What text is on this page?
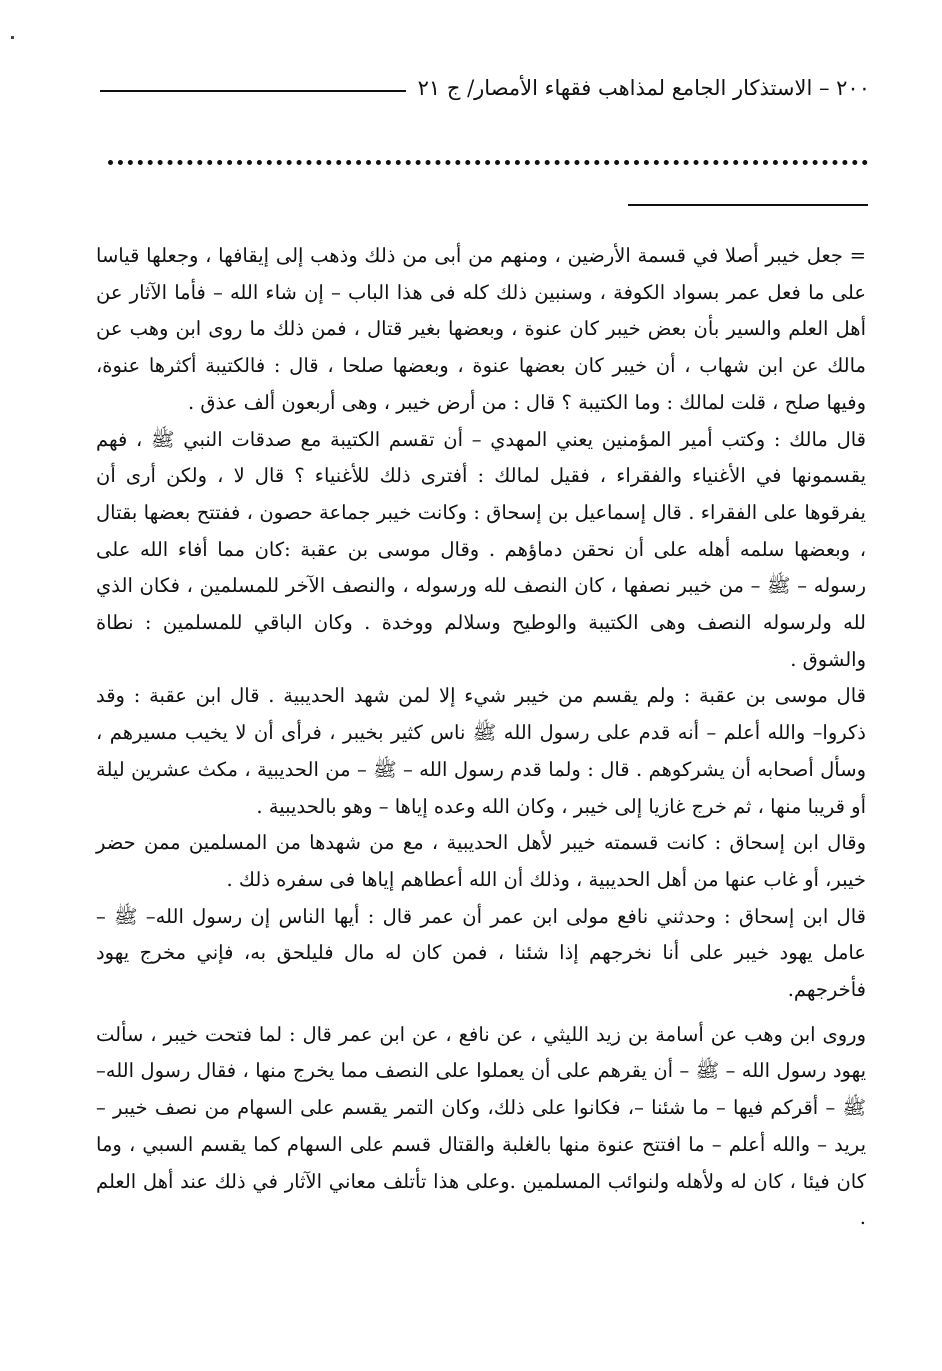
٢٠٠ – الاستذكار الجامع لمذاهب فقهاء الأمصار/ ج ٢١

= جعل خيبر أصلا في قسمة الأرضين ، ومنهم من أبى من ذلك وذهب إلى إيقافها ، وجعلها قياسا على ما فعل عمر بسواد الكوفة ، وسنبين ذلك كله فى هذا الباب – إن شاء الله – فأما الآثار عن أهل العلم والسير بأن بعض خيبر كان عنوة ، وبعضها بغير قتال ، فمن ذلك ما روى ابن وهب عن مالك عن ابن شهاب ، أن خيبر كان بعضها عنوة ، وبعضها صلحا ، قال : فالكتيبة أكثرها عنوة، وفيها صلح ، قلت لمالك : وما الكتيبة ؟ قال : من أرض خيبر ، وهى أربعون ألف عذق .

قال مالك : وكتب أمير المؤمنين يعني المهدي – أن تقسم الكتيبة مع صدقات النبي ﷺ ، فهم يقسمونها في الأغنياء والفقراء ، فقيل لمالك : أفترى ذلك للأغنياء ؟ قال لا ، ولكن أرى أن يفرقوها على الفقراء . قال إسماعيل بن إسحاق : وكانت خيبر جماعة حصون ، ففتتح بعضها بقتال ، وبعضها سلمه أهله على أن نحقن دماؤهم . وقال موسى بن عقبة :كان مما أفاء الله على رسوله – ﷺ – من خيبر نصفها ، كان النصف لله ورسوله ، والنصف الآخر للمسلمين ، فكان الذي لله ولرسوله النصف وهى الكتيبة والوطيح وسلالم ووخدة . وكان الباقي للمسلمين : نطاة والشوق .

قال موسى بن عقبة : ولم يقسم من خيبر شيء إلا لمن شهد الحديبية . قال ابن عقبة : وقد ذكروا– والله أعلم – أنه قدم على رسول الله ﷺ ناس كثير بخيبر ، فرأى أن لا يخيب مسيرهم ، وسأل أصحابه أن يشركوهم . قال : ولما قدم رسول الله – ﷺ – من الحديبية ، مكث عشرين ليلة أو قريبا منها ، ثم خرج غازيا إلى خيبر ، وكان الله وعده إياها – وهو بالحديبية .

وقال ابن إسحاق : كانت قسمته خيبر لأهل الحديبية ، مع من شهدها من المسلمين ممن حضر خيبر، أو غاب عنها من أهل الحديبية ، وذلك أن الله أعطاهم إياها فى سفره ذلك .

قال ابن إسحاق : وحدثني نافع مولى ابن عمر أن عمر قال : أيها الناس إن رسول الله– ﷺ – عامل يهود خيبر على أنا نخرجهم إذا شئنا ، فمن كان له مال فليلحق به، فإني مخرج يهود فأخرجهم.

وروى ابن وهب عن أسامة بن زيد الليثي ، عن نافع ، عن ابن عمر قال : لما فتحت خيبر ، سألت يهود رسول الله – ﷺ – أن يقرهم على أن يعملوا على النصف مما يخرج منها ، فقال رسول الله– ﷺ – أقركم فيها – ما شئنا –، فكانوا على ذلك، وكان التمر يقسم على السهام من نصف خيبر – يريد – والله أعلم – ما افتتح عنوة منها بالغلبة والقتال قسم على السهام كما يقسم السبي ، وما كان فيئا ، كان له ولأهله ولنوائب المسلمين .وعلى هذا تأتلف معاني الآثار في ذلك عند أهل العلم .
